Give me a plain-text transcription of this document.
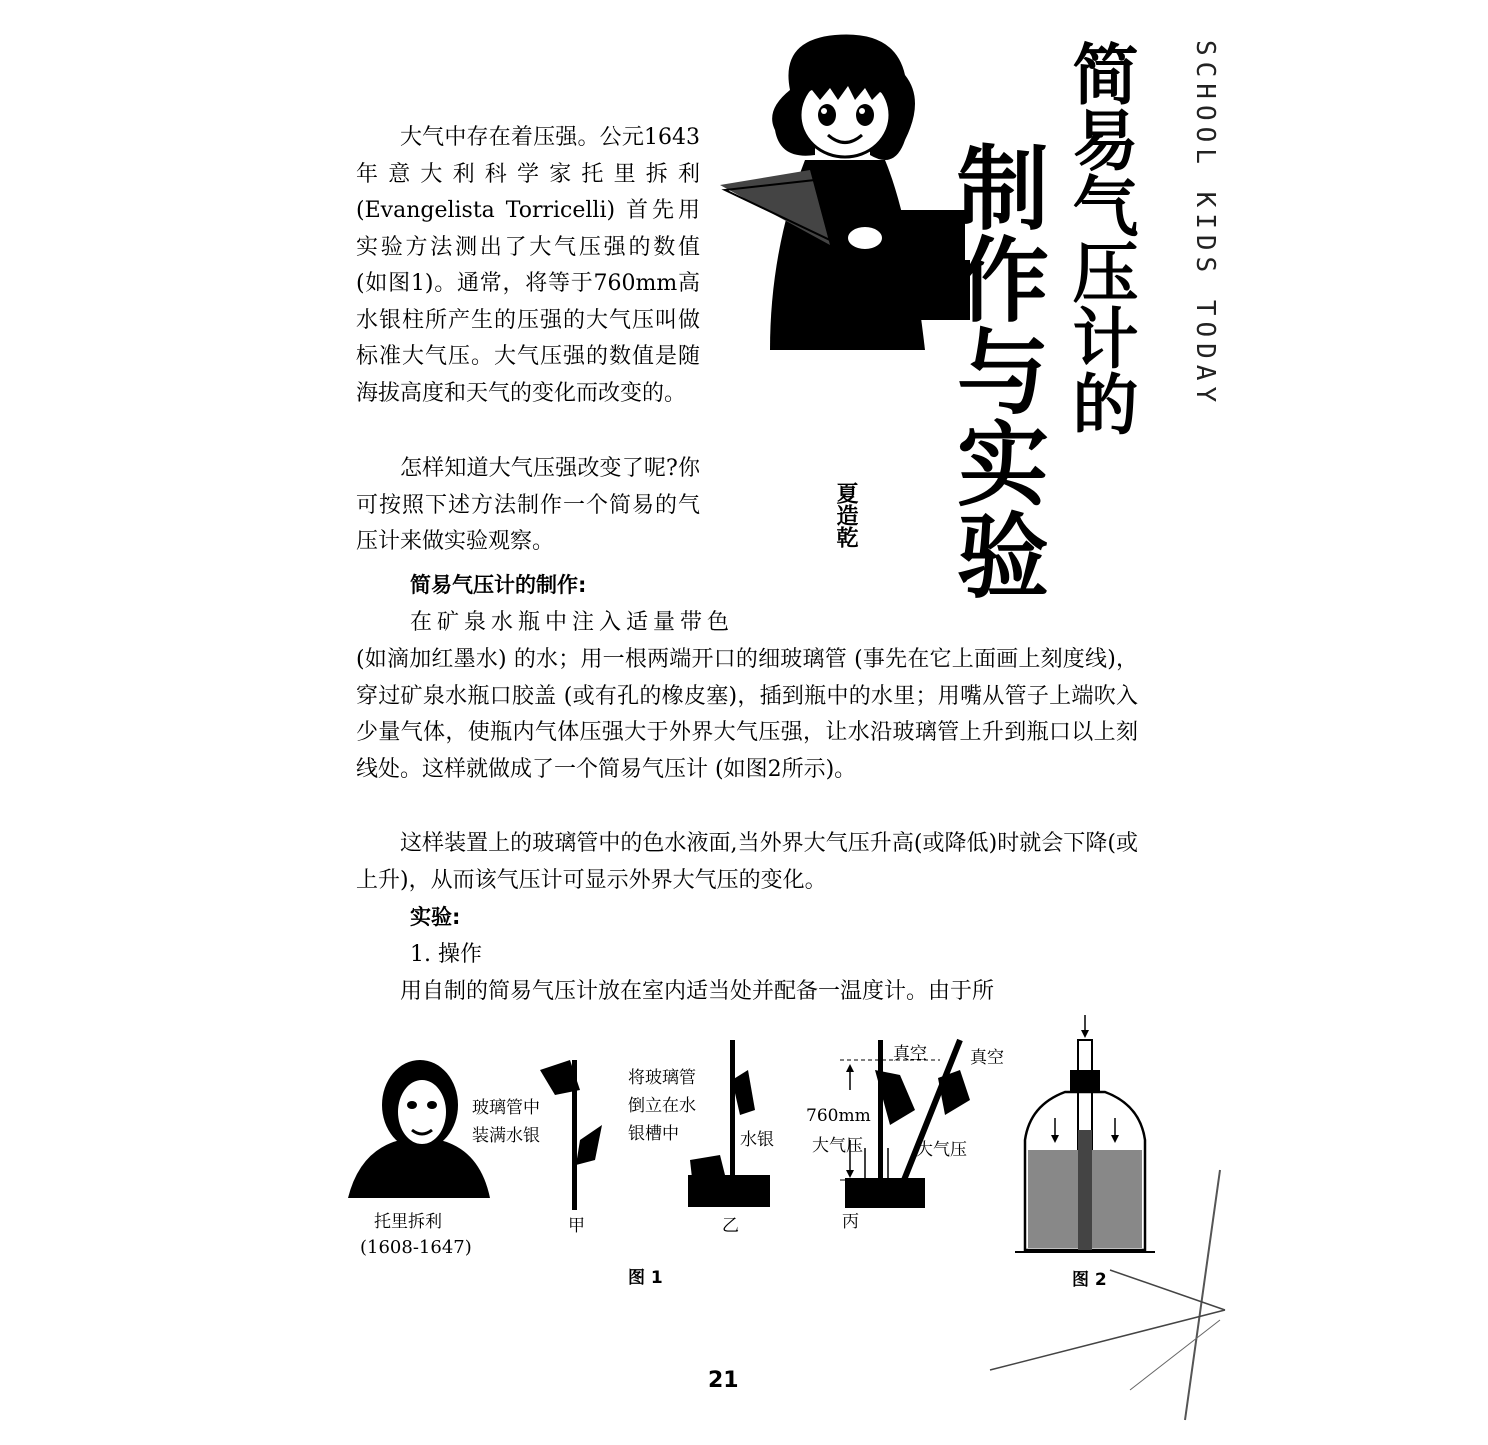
简易气压计的
制作与实验	SCHOOL KIDS TODAY
夏造乾

大气中存在着压强。公元1643年意大利科学家托里拆利(Evangelista Torricelli) 首先用实验方法测出了大气压强的数值 (如图1)。通常，将等于760mm高水银柱所产生的压强的大气压叫做标准大气压。大气压强的数值是随海拔高度和天气的变化而改变的。

怎样知道大气压强改变了呢?你可按照下述方法制作一个简易的气压计来做实验观察。

简易气压计的制作:
在矿泉水瓶中注入适量带色

(如滴加红墨水) 的水；用一根两端开口的细玻璃管 (事先在它上面画上刻度线)，穿过矿泉水瓶口胶盖 (或有孔的橡皮塞)，插到瓶中的水里；用嘴从管子上端吹入少量气体，使瓶内气体压强大于外界大气压强，让水沿玻璃管上升到瓶口以上刻线处。这样就做成了一个简易气压计 (如图2所示)。

这样装置上的玻璃管中的色水液面,当外界大气压升高(或降低)时就会下降(或上升)，从而该气压计可显示外界大气压的变化。

实验:
1. 操作

用自制的简易气压计放在室内适当处并配备一温度计。由于所

玻璃管中
装满水银
将玻璃管
倒立在水
银槽中	水银
真空	真空
760mm
大气压	大气压
托里拆利
(1608-1647)
甲	乙	丙
图 1	图 2
21
